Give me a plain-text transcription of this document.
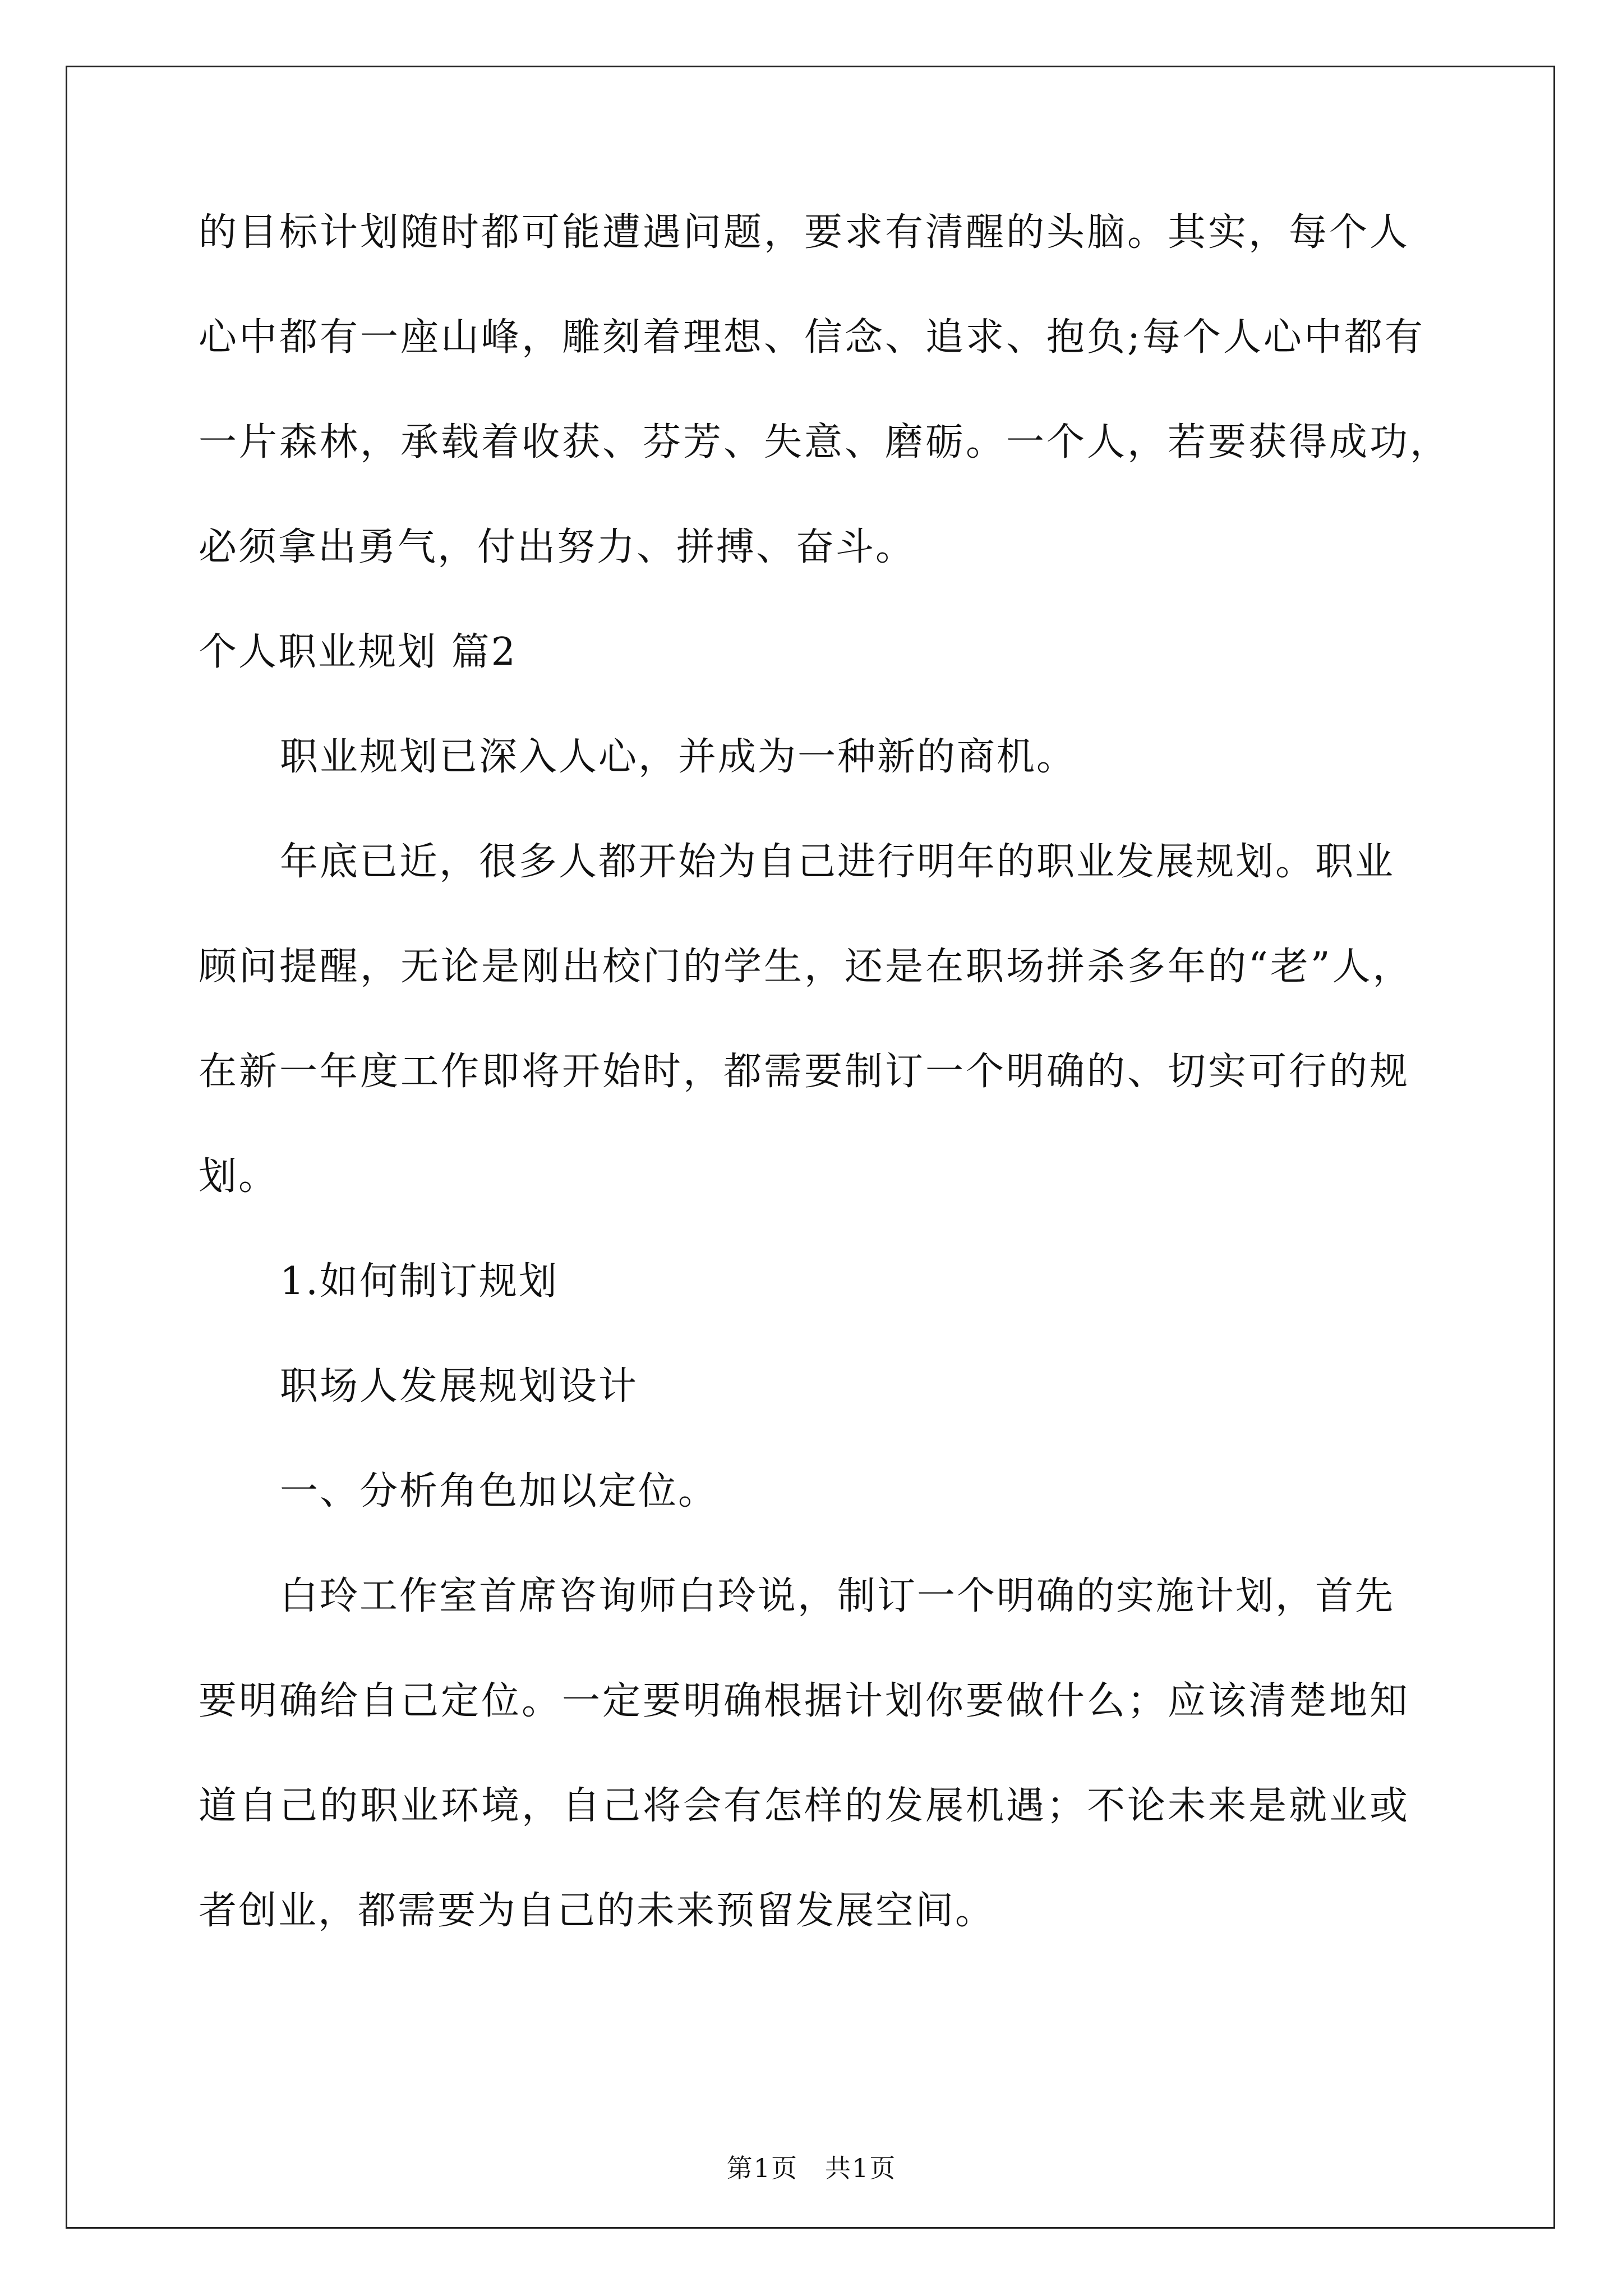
的目标计划随时都可能遭遇问题，要求有清醒的头脑。其实，每个人
心中都有一座山峰，雕刻着理想、信念、追求、抱负;每个人心中都有
一片森林，承载着收获、芬芳、失意、磨砺。一个人，若要获得成功，
必须拿出勇气，付出努力、拼搏、奋斗。
个人职业规划 篇2
职业规划已深入人心，并成为一种新的商机。
年底已近，很多人都开始为自己进行明年的职业发展规划。职业
顾问提醒，无论是刚出校门的学生，还是在职场拼杀多年的“老”人，
在新一年度工作即将开始时，都需要制订一个明确的、切实可行的规
划。
1.如何制订规划
职场人发展规划设计
一、分析角色加以定位。
白玲工作室首席咨询师白玲说，制订一个明确的实施计划，首先
要明确给自己定位。一定要明确根据计划你要做什么；应该清楚地知
道自己的职业环境，自己将会有怎样的发展机遇；不论未来是就业或
者创业，都需要为自己的未来预留发展空间。
第1页　共1页
